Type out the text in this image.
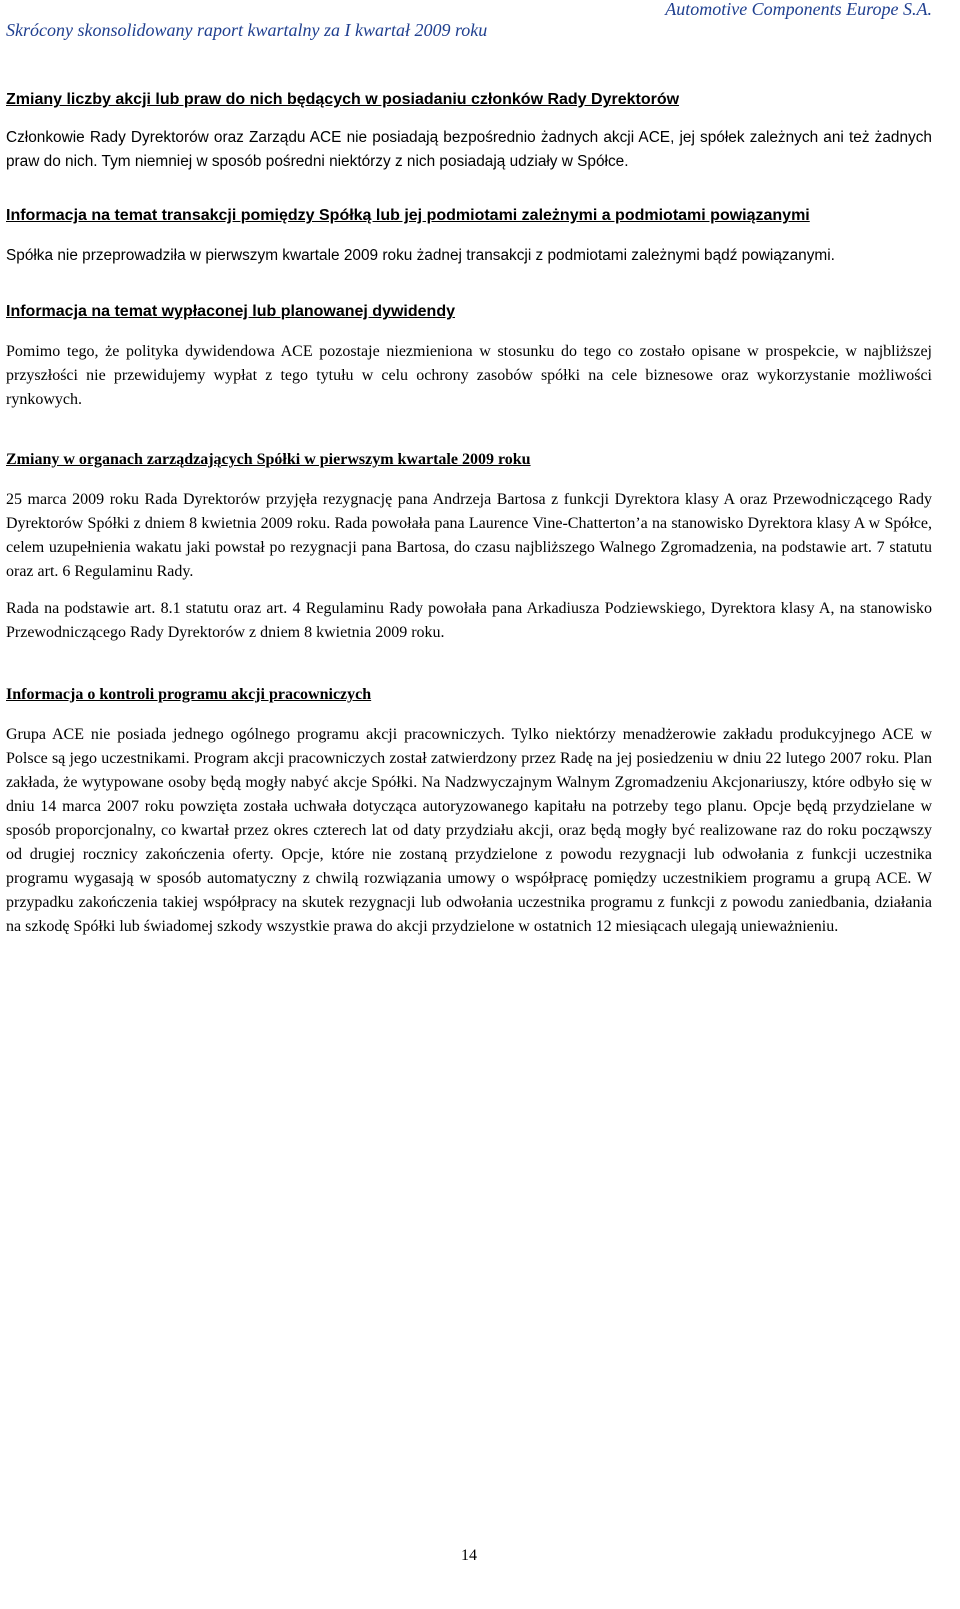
Automotive Components Europe S.A.
Skrócony skonsolidowany raport kwartalny za I kwartał 2009 roku

Zmiany liczby akcji lub praw do nich będących w posiadaniu członków Rady Dyrektorów

Członkowie Rady Dyrektorów oraz Zarządu ACE nie posiadają bezpośrednio żadnych akcji ACE, jej spółek zależnych ani też żadnych praw do nich. Tym niemniej w sposób pośredni niektórzy z nich posiadają udziały w Spółce.

Informacja na temat transakcji pomiędzy Spółką lub jej podmiotami zależnymi a podmiotami powiązanymi

Spółka nie przeprowadziła w pierwszym kwartale 2009 roku żadnej transakcji z podmiotami zależnymi bądź powiązanymi.

Informacja na temat wypłaconej lub planowanej dywidendy

Pomimo tego, że polityka dywidendowa ACE pozostaje niezmieniona w stosunku do tego co zostało opisane w prospekcie, w najbliższej przyszłości nie przewidujemy wypłat z tego tytułu w celu ochrony zasobów spółki na cele biznesowe oraz wykorzystanie możliwości rynkowych.

Zmiany w organach zarządzających Spółki w pierwszym kwartale 2009 roku

25 marca 2009 roku Rada Dyrektorów przyjęła rezygnację pana Andrzeja Bartosa z funkcji Dyrektora klasy A oraz Przewodniczącego Rady Dyrektorów Spółki z dniem 8 kwietnia 2009 roku. Rada powołała pana Laurence Vine-Chatterton’a na stanowisko Dyrektora klasy A w Spółce, celem uzupełnienia wakatu jaki powstał po rezygnacji pana Bartosa, do czasu najbliższego Walnego Zgromadzenia, na podstawie art. 7 statutu oraz art. 6 Regulaminu Rady.

Rada na podstawie art. 8.1 statutu oraz art. 4 Regulaminu Rady powołała pana Arkadiusza Podziewskiego, Dyrektora klasy A, na stanowisko Przewodniczącego Rady Dyrektorów z dniem 8 kwietnia 2009 roku.

Informacja o kontroli programu akcji pracowniczych

Grupa ACE nie posiada jednego ogólnego programu akcji pracowniczych. Tylko niektórzy menadżerowie zakładu produkcyjnego ACE w Polsce są jego uczestnikami. Program akcji pracowniczych został zatwierdzony przez Radę na jej posiedzeniu w dniu 22 lutego 2007 roku. Plan zakłada, że wytypowane osoby będą mogły nabyć akcje Spółki. Na Nadzwyczajnym Walnym Zgromadzeniu Akcjonariuszy, które odbyło się w dniu 14 marca 2007 roku powzięta została uchwała dotycząca autoryzowanego kapitału na potrzeby tego planu. Opcje będą przydzielane w sposób proporcjonalny, co kwartał przez okres czterech lat od daty przydziału akcji, oraz będą mogły być realizowane raz do roku począwszy od drugiej rocznicy zakończenia oferty. Opcje, które nie zostaną przydzielone z powodu rezygnacji lub odwołania z funkcji uczestnika programu wygasają w sposób automatyczny z chwilą rozwiązania umowy o współpracę pomiędzy uczestnikiem programu a grupą ACE. W przypadku zakończenia takiej współpracy na skutek rezygnacji lub odwołania uczestnika programu z funkcji z powodu zaniedbania, działania na szkodę Spółki lub świadomej szkody wszystkie prawa do akcji przydzielone w ostatnich 12 miesiącach ulegają unieważnieniu.

14
